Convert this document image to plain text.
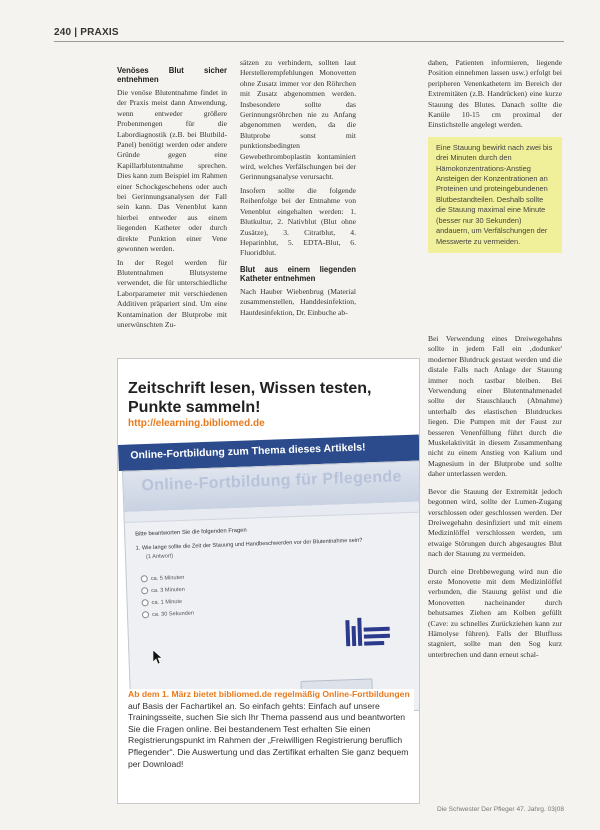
240 | PRAXIS
Venöses Blut sicher entnehmen

Die venöse Blutentnahme findet in der Praxis meist dann Anwendung, wenn entweder größere Probenmengen für die Labordiagnostik (z.B. bei Blutbild-Panel) benötigt werden oder andere Gründe gegen eine Kapillarblutentnahme sprechen. Dies kann zum Beispiel im Rahmen einer Schockgeschehens oder auch bei Gerinnungsanalysen der Fall sein kann. Das Venenblut kann hierbei entweder aus einem liegenden Katheter oder durch direkte Punktion einer Vene gewonnen werden.

In der Regel werden für Blutentnahmen Blutsysteme verwendet, die für unterschiedliche Laborparameter mit verschiedenen Additiven präpariert sind. Um eine Kontamination der Blutprobe mit unerwünschten Zu-

sätzen zu verhindern, sollten laut Herstellerempfehlungen Monovetten ohne Zusatz immer vor den Röhrchen mit Zusatz abgenommen werden. Insbesondere sollte das Gerinnungsröhrchen nie zu Anfang abgenommen werden, da die Blutprobe sonst mit punktionsbedingten Gewebethromboplastin kontaminiert wird, welches Verfälschungen bei der Gerinnungsanalyse verursacht.

Insofern sollte die folgende Reihenfolge bei der Entnahme von Venenblut eingehalten werden: 1. Blutkultur, 2. Nativblut (Blut ohne Zusätze), 3. Citratblut, 4. Heparinblut, 5. EDTA-Blut, 6. Fluoridblut.

Blut aus einem liegenden Katheter entnehmen

Nach Hauber Wiebenbrug (Material zusammenstellen, Handdesinfektion, Hautdesinfektion, Dr. Einbuche ab-

dahen, Patienten informieren, liegende Position einnehmen lassen usw.) erfolgt bei peripheren Venenkathetern im Bereich der Extremitäten (z.B. Handrücken) eine kurze Stauung des Blutes. Danach sollte die Kanüle 10-15 cm proximal der Einstichstelle angelegt werden.

Eine Stauung bewirkt nach zwei bis drei Minuten durch den Hämokonzentrations-Anstieg Ansteigen der Konzentrationen an Proteinen und proteingebundenen Blutbestandteilen. Deshalb sollte die Stauung maximal eine Minute (besser nur 30 Sekunden) andauern, um Verfälschungen der Messwerte zu vermeiden.

Bei Verwendung eines Dreiwegehahns sollte in jedem Fall ein ‚dodunker' moderner Blutdruck gestaut werden und die distale Falls nach Anlage der Stauung immer noch tastbar bleiben. Bei Verwendung einer Blutentnahmenadel sollte der Stauschlauch (Abnahme) unterhalb des elastischen Blutdruckes liegen. Die Pumpen mit der Faust zur besseren Venenfüllung führt durch die Muskelaktivität in diesem Zusammenhang nicht zu einem Anstieg von Kalium und Magnesium in der Blutprobe und sollte daher unterlassen werden.

Bevor die Stauung der Extremität jedoch begonnen wird, sollte der Lumen-Zugang verschlossen oder geschlossen werden. Der Dreiwegehahn desinfiziert und mit einem Medizinlöffel verschlossen werden, um etwaige Störungen durch abgesaugtes Blut nach der Stauung zu vermeiden.

Durch eine Drehbewegung wird nun die erste Monovette mit dem Medizinlöffel verbunden, die Stauung gelöst und die Monovetten nacheinander durch behutsames Ziehen am Kolben gefüllt (Cave: zu schnelles Zurückziehen kann zur Hämolyse führen). Falls der Blutfluss stagniert, sollte man den Sog kurz unterbrechen und dann erneut schal-

Zeitschrift lesen, Wissen testen, Punkte sammeln!
http://elearning.bibliomed.de
Online-Fortbildung zum Thema dieses Artikels!
Online-Fortbildung für Pflegende
Bitte beantworten Sie die folgenden Fragen
1. Wie lange sollte die Zeit der Stauung und Handbeschwerden vor der Blutentnahme sein?
(1 Antwort)
ca. 5 Minuten
ca. 3 Minuten
ca. 1 Minute
ca. 30 Sekunden
Ab dem 1. März bietet bibliomed.de regelmäßig Online-Fortbildungen auf Basis der Fachartikel an. So einfach gehts: Einfach auf unsere Trainingsseite, suchen Sie sich Ihr Thema passend aus und beantworten Sie die Fragen online. Bei bestandenem Test erhalten Sie einen Registrierungspunkt im Rahmen der „Freiwilligen Registrierung beruflich Pflegender“. Die Auswertung und das Zertifikat erhalten Sie ganz bequem per Download!
Die Schwester Der Pfleger 47. Jahrg. 03|08
